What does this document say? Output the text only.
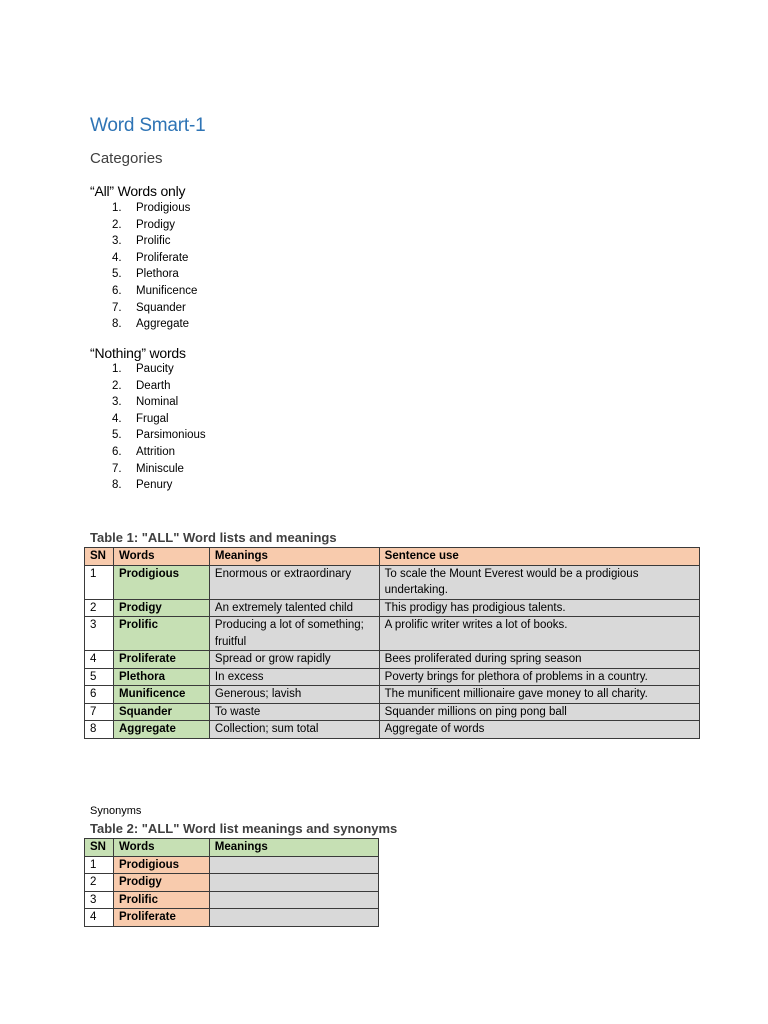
Word Smart-1
Categories
“All” Words only
1. Prodigious
2. Prodigy
3. Prolific
4. Proliferate
5. Plethora
6. Munificence
7. Squander
8. Aggregate
“Nothing” words
1. Paucity
2. Dearth
3. Nominal
4. Frugal
5. Parsimonious
6. Attrition
7. Miniscule
8. Penury
Table 1: "ALL" Word lists and meanings
SN	Words	Meanings	Sentence use
1	Prodigious	Enormous or extraordinary	To scale the Mount Everest would be a prodigious undertaking.
2	Prodigy	An extremely talented child	This prodigy has prodigious talents.
3	Prolific	Producing a lot of something; fruitful	A prolific writer writes a lot of books.
4	Proliferate	Spread or grow rapidly	Bees proliferated during spring season
5	Plethora	In excess	Poverty brings for plethora of problems in a country.
6	Munificence	Generous; lavish	The munificent millionaire gave money to all charity.
7	Squander	To waste	Squander millions on ping pong ball
8	Aggregate	Collection; sum total	Aggregate of words
Synonyms
Table 2: "ALL" Word list meanings and synonyms
SN	Words	Meanings
1	Prodigious	
2	Prodigy	
3	Prolific	
4	Proliferate	
